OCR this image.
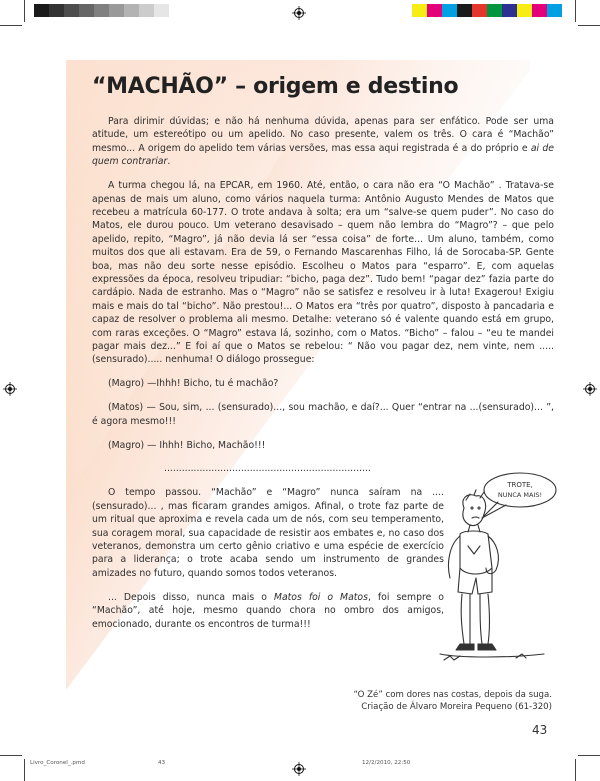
“MACHÃO” – origem e destino

Para dirimir dúvidas; e não há nenhuma dúvida, apenas para ser enfático. Pode ser uma atitude, um estereótipo ou um apelido. No caso presente, valem os três. O cara é “Machão” mesmo... A origem do apelido tem várias versões, mas essa aqui registrada é a do próprio e ai de quem contrariar.

A turma chegou lá, na EPCAR, em 1960. Até, então, o cara não era “O Machão” . Tratava-se apenas de mais um aluno, como vários naquela turma: Antônio Augusto Mendes de Matos que recebeu a matrícula 60-177. O trote andava à solta; era um “salve-se quem puder”. No caso do Matos, ele durou pouco. Um veterano desavisado – quem não lembra do “Magro”? – que pelo apelido, repito, “Magro”, já não devia lá ser “essa coisa” de forte... Um aluno, também, como muitos dos que ali estavam. Era de 59, o Fernando Mascarenhas Filho, lá de Sorocaba-SP. Gente boa, mas não deu sorte nesse episódio. Escolheu o Matos para “esparro”. E, com aquelas expressões da época, resolveu tripudiar: “bicho, paga dez”. Tudo bem! “pagar dez” fazia parte do cardápio. Nada de estranho. Mas o “Magro” não se satisfez e resolveu ir à luta! Exagerou! Exigiu mais e mais do tal “bicho”. Não prestou!... O Matos era “três por quatro”, disposto à pancadaria e capaz de resolver o problema ali mesmo. Detalhe: veterano só é valente quando está em grupo, com raras exceções. O “Magro” estava lá, sozinho, com o Matos. “Bicho” – falou – “eu te mandei pagar mais dez...” E foi aí que o Matos se rebelou: “ Não vou pagar dez, nem vinte, nem ..... (sensurado)..... nenhuma! O diálogo prossegue:

(Magro) —Ihhh! Bicho, tu é machão?

(Matos) — Sou, sim, ... (sensurado)..., sou machão, e daí?... Quer “entrar na ...(sensurado)... ”, é agora mesmo!!!

(Magro) — Ihhh! Bicho, Machão!!!

......................................................................

O tempo passou. “Machão” e “Magro” nunca saíram na .... (sensurado)... , mas ficaram grandes amigos. Afinal, o trote faz parte de um ritual que aproxima e revela cada um de nós, com seu temperamento, sua coragem moral, sua capacidade de resistir aos embates e, no caso dos veteranos, demonstra um certo gênio criativo e uma espécie de exercício para a liderança; o trote acaba sendo um instrumento de grandes amizades no futuro, quando somos todos veteranos.

... Depois disso, nunca mais o Matos foi o Matos, foi sempre o “Machão”, até hoje, mesmo quando chora no ombro dos amigos, emocionado, durante os encontros de turma!!!

TROTE,
NUNCA MAIS!
“O Zé” com dores nas costas, depois da suga.
Criação de Álvaro Moreira Pequeno (61-320)
43
Livro_Coronel_.pmd	43	12/2/2010, 22:50
